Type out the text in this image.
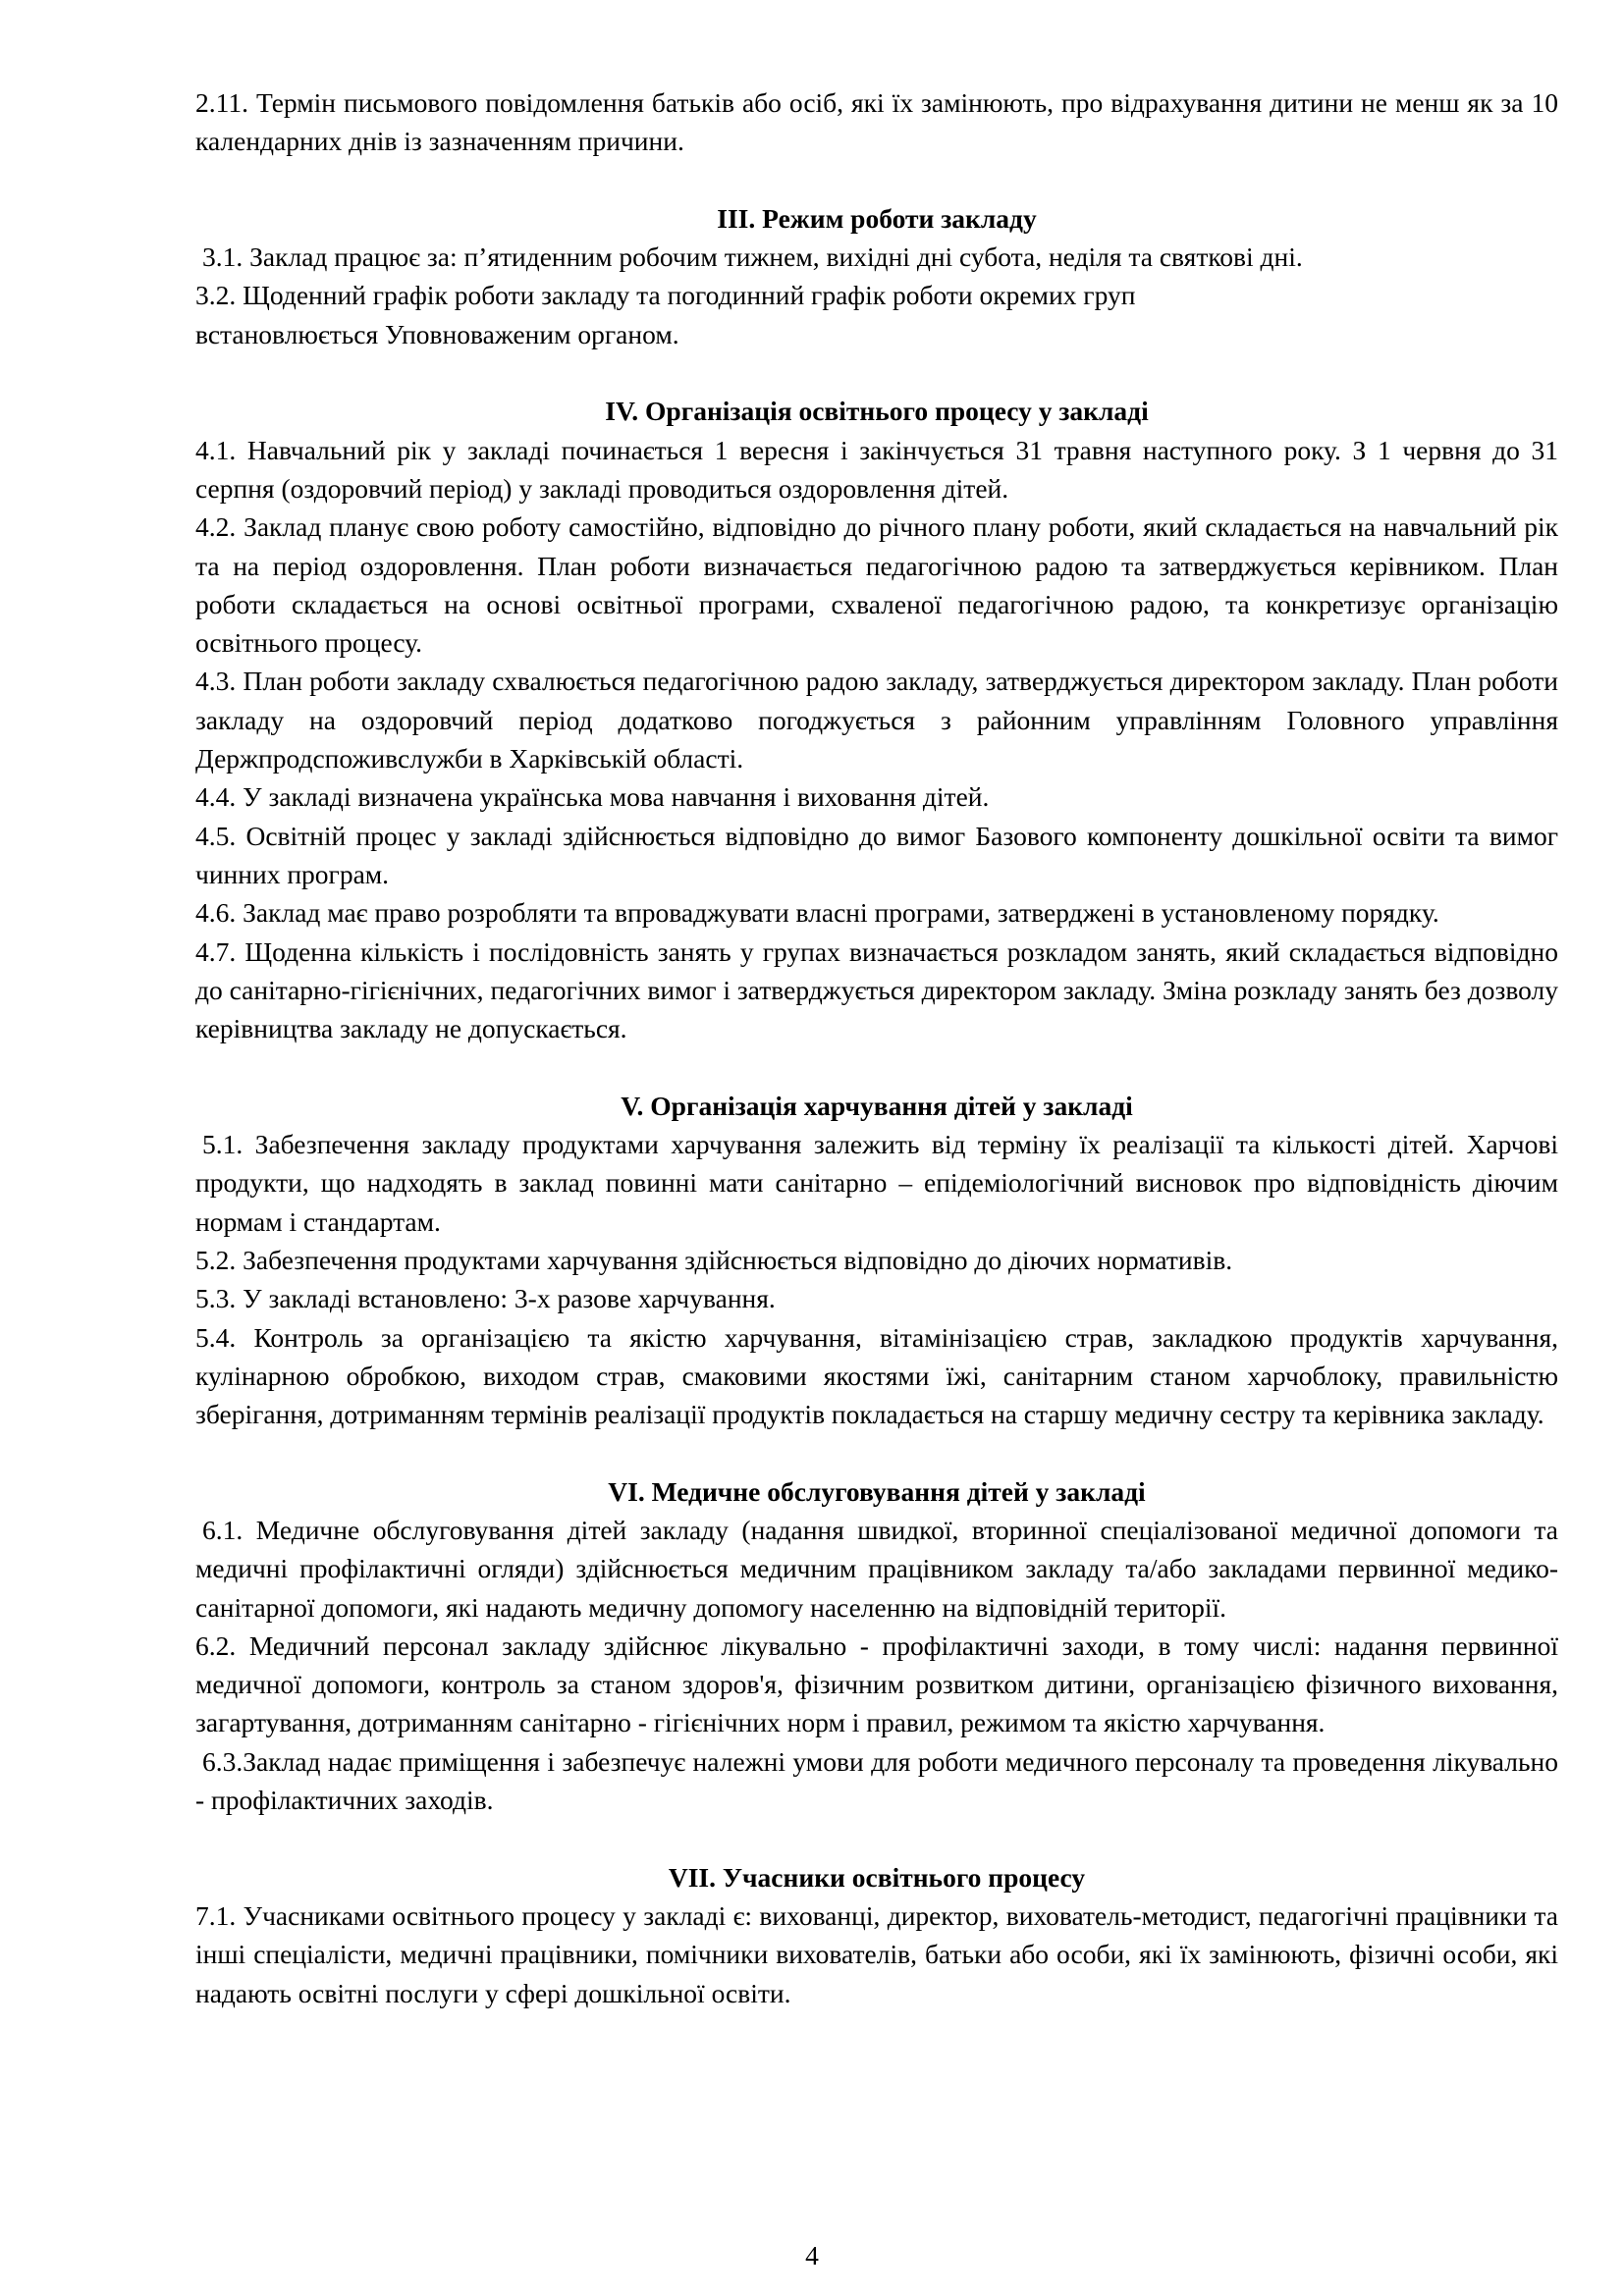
2.11. Термін письмового повідомлення батьків або осіб, які їх замінюють, про відрахування дитини не менш як за 10 календарних днів із зазначенням причини.

III. Режим роботи закладу

3.1. Заклад працює за: п’ятиденним робочим тижнем, вихідні дні субота, неділя та святкові дні.

3.2. Щоденний графік роботи закладу та погодинний графік роботи окремих груп

встановлюється Уповноваженим органом.

IV. Організація освітнього процесу у закладі

4.1. Навчальний рік у закладі починається 1 вересня і закінчується 31 травня наступного року. З 1 червня до 31 серпня (оздоровчий період) у закладі проводиться оздоровлення дітей.

4.2. Заклад планує свою роботу самостійно, відповідно до річного плану роботи, який складається на навчальний рік та на період оздоровлення. План роботи визначається педагогічною радою та затверджується керівником. План роботи складається на основі освітньої програми, схваленої педагогічною радою, та конкретизує організацію освітнього процесу.

4.3. План роботи закладу схвалюється педагогічною радою закладу, затверджується директором закладу. План роботи закладу на оздоровчий період додатково погоджується з районним управлінням Головного управління Держпродспоживслужби в Харківській області.

4.4. У закладі визначена українська мова навчання і виховання дітей.

4.5. Освітній процес у закладі здійснюється відповідно до вимог Базового компоненту дошкільної освіти та вимог чинних програм.

4.6. Заклад має право розробляти та впроваджувати власні програми, затверджені в установленому порядку.

4.7. Щоденна кількість і послідовність занять у групах визначається розкладом занять, який складається відповідно до санітарно-гігієнічних, педагогічних вимог і затверджується директором закладу. Зміна розкладу занять без дозволу керівництва закладу не допускається.

V. Організація харчування дітей у закладі

5.1. Забезпечення закладу продуктами харчування залежить від терміну їх реалізації та кількості дітей. Харчові продукти, що надходять в заклад повинні мати санітарно – епідеміологічний висновок про відповідність діючим нормам і стандартам.

5.2. Забезпечення продуктами харчування здійснюється відповідно до діючих нормативів.

5.3. У закладі встановлено: 3-х разове харчування.

5.4. Контроль за організацією та якістю харчування, вітамінізацією страв, закладкою продуктів харчування, кулінарною обробкою, виходом страв, смаковими якостями їжі, санітарним станом харчоблоку, правильністю зберігання, дотриманням термінів реалізації продуктів покладається на старшу медичну сестру та керівника закладу.

VI. Медичне обслуговування дітей у закладі

6.1. Медичне обслуговування дітей закладу (надання швидкої, вторинної спеціалізованої медичної допомоги та медичні профілактичні огляди) здійснюється медичним працівником закладу та/або закладами первинної медико-санітарної допомоги, які надають медичну допомогу населенню на відповідній території.

6.2. Медичний персонал закладу здійснює лікувально - профілактичні заходи, в тому числі: надання первинної медичної допомоги, контроль за станом здоров'я, фізичним розвитком дитини, організацією фізичного виховання, загартування, дотриманням санітарно - гігієнічних норм і правил, режимом та якістю харчування.

6.3.Заклад надає приміщення і забезпечує належні умови для роботи медичного персоналу та проведення лікувально - профілактичних заходів.

VII. Учасники освітнього процесу

7.1. Учасниками освітнього процесу у закладі є: вихованці, директор, вихователь-методист, педагогічні працівники та інші спеціалісти, медичні працівники, помічники вихователів, батьки або особи, які їх замінюють, фізичні особи, які надають освітні послуги у сфері дошкільної освіти.

4
